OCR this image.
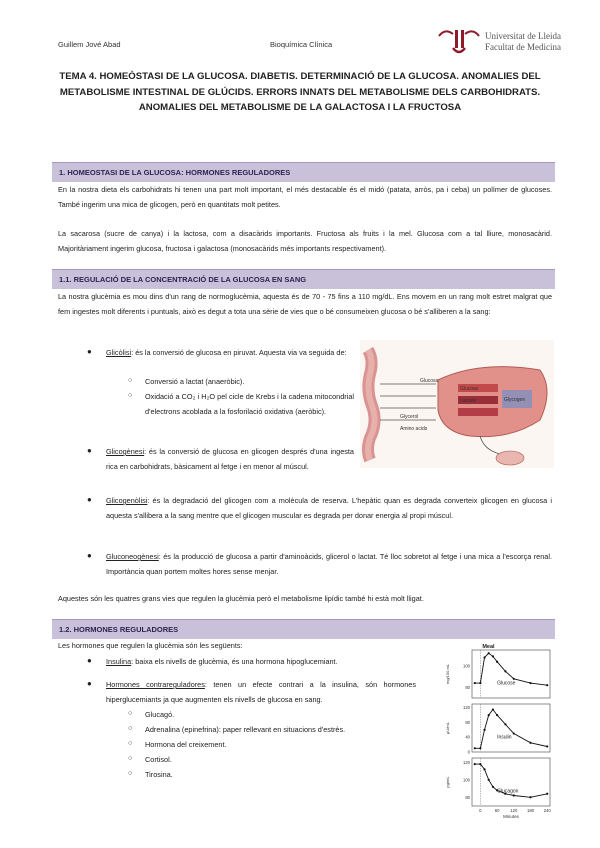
Guillem Jové Abad	Bioquímica Clínica
Universitat de Lleida
Facultat de Medicina
TEMA 4. HOMEÒSTASI DE LA GLUCOSA. DIABETIS. DETERMINACIÓ DE LA GLUCOSA. ANOMALIES DEL METABOLISME INTESTINAL DE GLÚCIDS. ERRORS INNATS DEL METABOLISME DELS CARBOHIDRATS. ANOMALIES DEL METABOLISME DE LA GALACTOSA I LA FRUCTOSA
1. HOMEOSTASI DE LA GLUCOSA: HORMONES REGULADORES
En la nostra dieta els carbohidrats hi tenen una part molt important, el més destacable és el midó (patata, arròs, pa i ceba) un polímer de glucoses. També ingerim una mica de glicogen, però en quantitats molt petites.
La sacarosa (sucre de canya) i la lactosa, com a disacàrids importants. Fructosa als fruits i la mel. Glucosa com a tal lliure, monosacàrid. Majoritàriament ingerim glucosa, fructosa i galactosa (monosacàrids més importants respectivament).
1.1. REGULACIÓ DE LA CONCENTRACIÓ DE LA GLUCOSA EN SANG
La nostra glucèmia es mou dins d'un rang de normoglucèmia, aquesta és de 70 - 75 fins a 110 mg/dL. Ens movem en un rang molt estret malgrat que fem ingestes molt diferents i puntuals, això es degut a tota una sèrie de vies que o bé consumeixen glucosa o bé s'alliberen a la sang:
● Glicòlisi: és la conversió de glucosa en piruvat. Aquesta via va seguida de:
○ Conversió a lactat (anaeròbic).
○ Oxidació a CO₂ i H₂O pel cicle de Krebs i la cadena mitocondrial d'electrons acoblada a la fosforilació oxidativa (aeròbic).
● Glicogènesi: és la conversió de glucosa en glicogen després d'una ingesta rica en carbohidrats, bàsicament al fetge i en menor al múscul.
● Glicogenòlisi: és la degradació del glicogen com a molècula de reserva. L'hepàtic quan es degrada converteix glicogen en glucosa i aquesta s'allibera a la sang mentre que el glicogen muscular es degrada per donar energia al propi múscul.
● Gluconeogènesi: és la producció de glucosa a partir d'aminoàcids, glicerol o lactat. Té lloc sobretot al fetge i una mica a l'escorça renal. Importància quan portem moltes hores sense menjar.
Aquestes són les quatres grans vies que regulen la glucèmia però el metabolisme lipídic també hi està molt lligat.
Glucosa
Glucose
Lactate	Glycogen
Glycerol
Amino acids
1.2. HORMONES REGULADORES
Les hormones que regulen la glucèmia són les següents:
● Insulina: baixa els nivells de glucèmia, és una hormona hipoglucemiant.
● Hormones contrareguladores: tenen un efecte contrari a la insulina, són hormones hiperglucemiants ja que augmenten els nivells de glucosa en sang.
○ Glucagó.
○ Adrenalina (epinefrina): paper rellevant en situacions d'estrès.
○ Hormona del creixement.
○ Cortisol.
○ Tirosina.
Meal
Glucose
100
80
mg/100 mL
Insulin
120
80
40
0
μU/mL
Glucagon
120
100
80
pg/mL
0	60	120 180 240
Minutes
